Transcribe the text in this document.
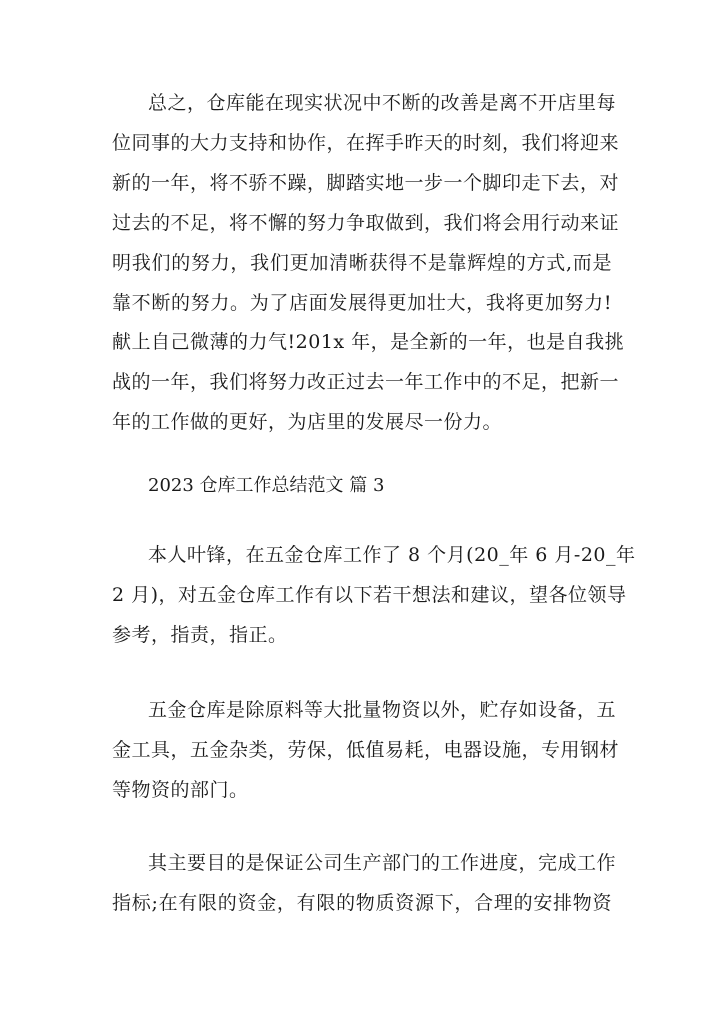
总之，仓库能在现实状况中不断的改善是离不开店里每
位同事的大力支持和协作，在挥手昨天的时刻，我们将迎来
新的一年，将不骄不躁，脚踏实地一步一个脚印走下去，对
过去的不足，将不懈的努力争取做到，我们将会用行动来证
明我们的努力，我们更加清晰获得不是靠辉煌的方式,而是
靠不断的努力。为了店面发展得更加壮大，我将更加努力!
献上自己微薄的力气!201x 年，是全新的一年，也是自我挑
战的一年，我们将努力改正过去一年工作中的不足，把新一
年的工作做的更好，为店里的发展尽一份力。
2023 仓库工作总结范文 篇 3
本人叶锋，在五金仓库工作了 8 个月(20_年 6 月-20_年
2 月)，对五金仓库工作有以下若干想法和建议，望各位领导
参考，指责，指正。
五金仓库是除原料等大批量物资以外，贮存如设备，五
金工具，五金杂类，劳保，低值易耗，电器设施，专用钢材
等物资的部门。
其主要目的是保证公司生产部门的工作进度，完成工作
指标;在有限的资金，有限的物质资源下，合理的安排物资
